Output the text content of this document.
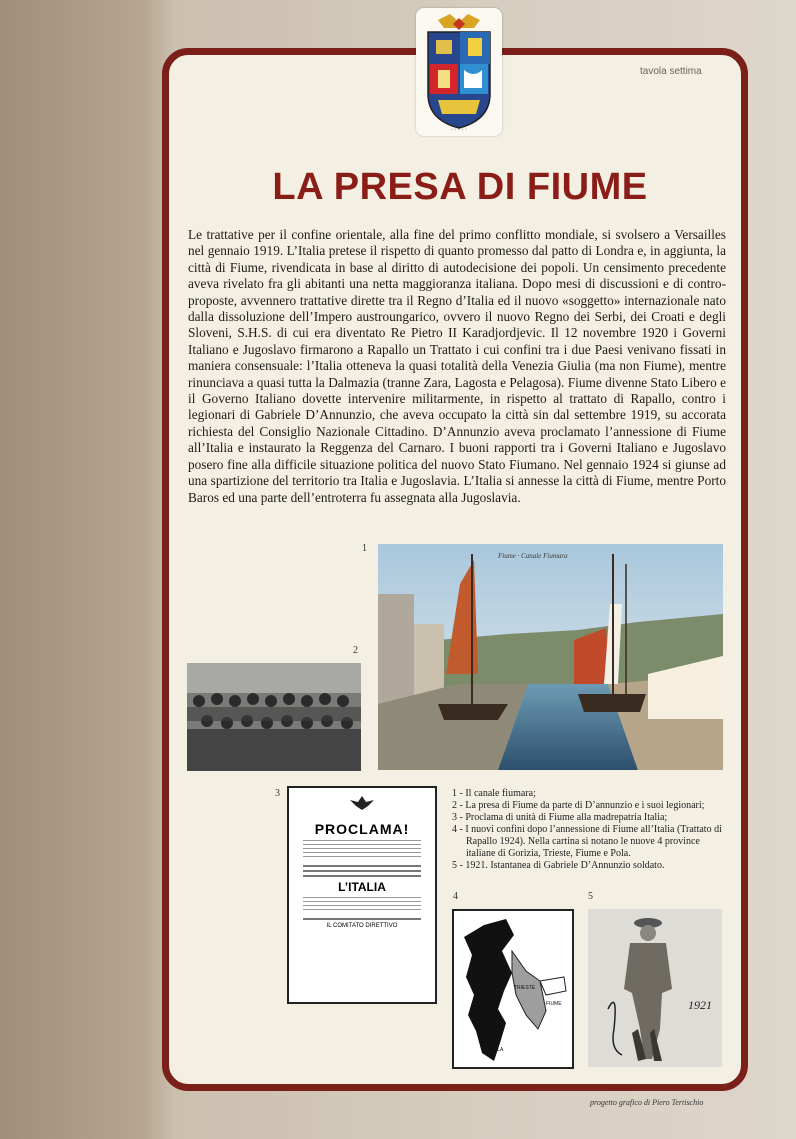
· · · · ·
tavola settima
LA PRESA DI FIUME
Le trattative per il confine orientale, alla fine del primo conflitto mondiale, si svolsero a Versailles nel gennaio 1919. L’Italia pretese il rispetto di quanto promesso dal patto di Londra e, in aggiunta, la città di Fiume, rivendicata in base al diritto di autodecisione dei popoli. Un censimento precedente aveva rivelato fra gli abitanti una netta maggioranza italiana. Dopo mesi di discussioni e di contro-proposte, avvennero trattative dirette tra il Regno d’Italia ed il nuovo «soggetto» internazionale nato dalla dissoluzione dell’Impero austroungarico, ovvero il nuovo Regno dei Serbi, dei Croati e degli Sloveni, S.H.S. di cui era diventato Re Pietro II Karadjordjevic. Il 12 novembre 1920 i Governi Italiano e Jugoslavo firmarono a Rapallo un Trattato i cui confini tra i due Paesi venivano fissati in maniera consensuale: l’Italia otteneva la quasi totalità della Venezia Giulia (ma non Fiume), mentre rinunciava a quasi tutta la Dalmazia (tranne Zara, Lagosta e Pelagosa). Fiume divenne Stato Libero e il Governo Italiano dovette intervenire militarmente, in rispetto al trattato di Rapallo, contro i legionari di Gabriele D’Annunzio, che aveva occupato la città sin dal settembre 1919, su accorata richiesta del Consiglio Nazionale Cittadino. D’Annunzio aveva proclamato l’annessione di Fiume all’Italia e instaurato la Reggenza del Carnaro. I buoni rapporti tra i Governi Italiano e Jugoslavo posero fine alla difficile situazione politica del nuovo Stato Fiumano. Nel gennaio 1924 si giunse ad una spartizione del territorio tra Italia e Jugoslavia. L’Italia si annesse la città di Fiume, mentre Porto Baros ed una parte dell’entroterra fu assegnata alla Jugoslavia.
1
2
3
4	5
Fiume · Canale Fiumara
PROCLAMA!
L’ITALIA
IL COMITATO DIRETTIVO
1 - Il canale fiumara;
2 - La presa di Fiume da parte di D’annunzio e i suoi legionari;
3 - Proclama di unità di Fiume alla madrepatria Italia;
4 - I nuovi confini dopo l’annessione di Fiume all’Italia (Trattato di Rapallo 1924). Nella cartina si notano le nuove 4 province italiane di Gorizia, Trieste, Fiume e Pola.
5 - 1921. Istantanea di Gabriele D’Annunzio soldato.
· · ·
TRIESTE
FIUME
POLA
1921
progetto grafico di Piero Tertischio
